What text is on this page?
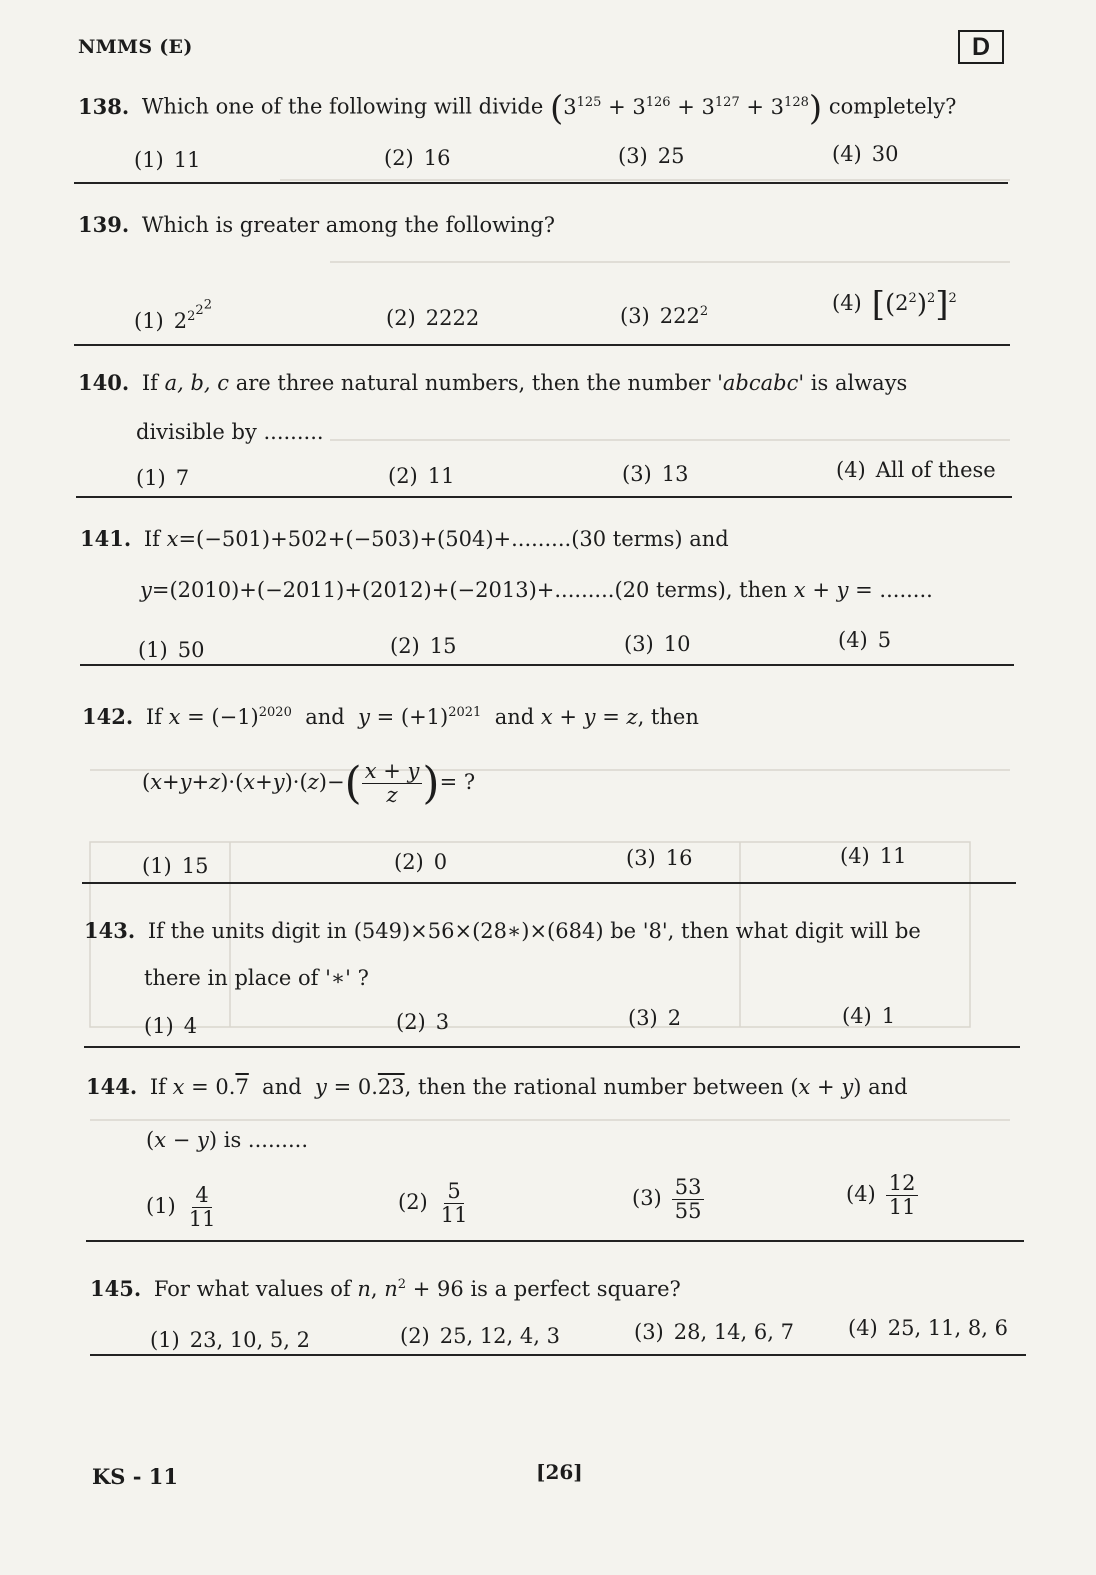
NMMS (E)	D
138. Which one of the following will divide $(3^{125} + 3^{126} + 3^{127} + 3^{128})$ completely?
(1) 11	(2) 16	(3) 25	(4) 30
139. Which is greater among the following?
(1) $2^{2^{2^2}}$
(2) 2222	(3) $222^2$	(4) $[(2^2)^2]^2$
140. If a, b, c are three natural numbers, then the number 'abcabc' is always
divisible by .........
(1) 7	(2) 11	(3) 13	(4) All of these
141. If x=(−501)+502+(−503)+(504)+.........(30 terms) and
y=(2010)+(−2011)+(2012)+(−2013)+.........(20 terms), then x + y = ........
(1) 50	(2) 15	(3) 10	(4) 5
142. If $x = (-1)^{2020}$ and $y = (+1)^{2021}$ and x + y = z, then
$(x+y+z)\cdot(x+y)\cdot(z)-( \frac{x + y}{z}$ )= ?
(1) 15	(2) 0	(3) 16	(4) 11
143. If the units digit in (549)×56×(28∗)×(684) be '8', then what digit will be
there in place of '∗' ?
(1) 4	(2) 3	(3) 2	(4) 1
144. If x = 0.7 and y = 0.23, then the rational number between (x + y) and
(x − y) is .........
$(1) \frac{4}{11}$	$(2) \frac{5}{11}$	$(3) \frac{53}{55}$	$(4) \frac{12}{11}$
145. For what values of n, $n^2 + 96$ is a perfect square?
(1) 23, 10, 5, 2	(2) 25, 12, 4, 3	(3) 28, 14, 6, 7	(4) 25, 11, 8, 6
KS - 11	[26]
